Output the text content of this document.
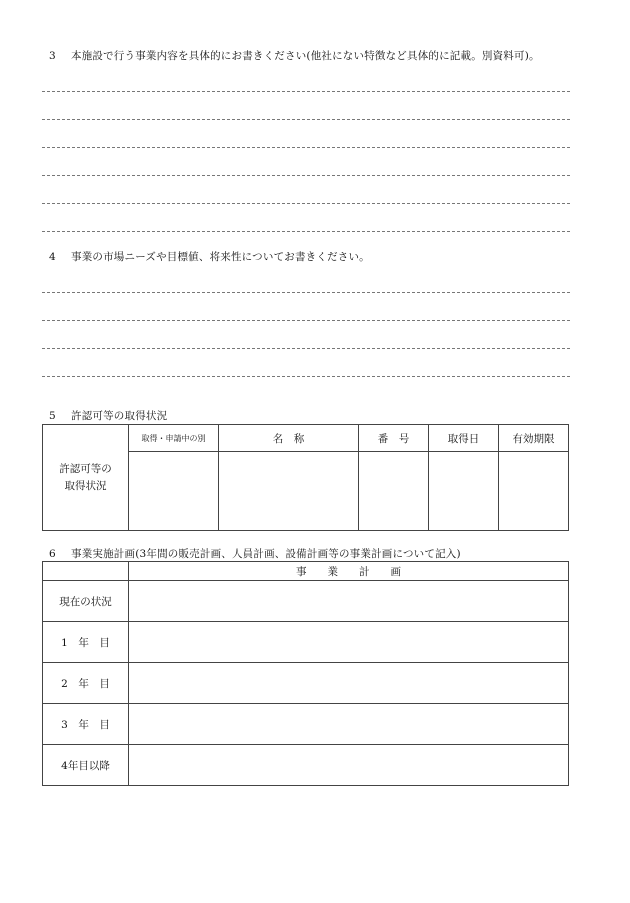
3 本施設で行う事業内容を具体的にお書きください(他社にない特徴など具体的に記載。別資料可)。
4 事業の市場ニーズや目標値、将来性についてお書きください。
5 許認可等の取得状況
許認可等の
取得状況	取得・申請中の別	名　称	番　号	取得日	有効期限

6 事業実施計画(3年間の販売計画、人員計画、設備計画等の事業計画について記入)
	事　　業　　計　　画
現在の状況	
1　年　目	
2　年　目	
3　年　目	
4年目以降	
